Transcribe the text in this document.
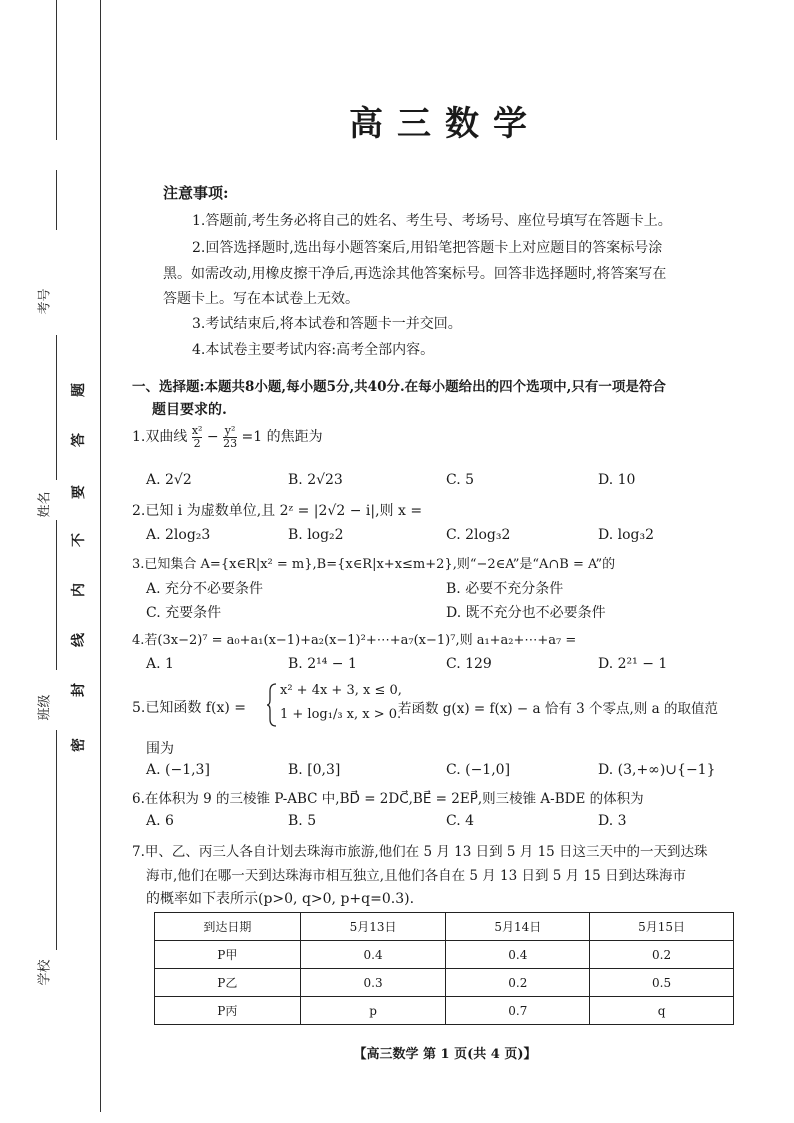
考号
姓名
班级
学校
题
答
要
不
内
线
封
密
高三数学
注意事项:
1.答题前,考生务必将自己的姓名、考生号、考场号、座位号填写在答题卡上。
2.回答选择题时,选出每小题答案后,用铅笔把答题卡上对应题目的答案标号涂
黑。如需改动,用橡皮擦干净后,再选涂其他答案标号。回答非选择题时,将答案写在
答题卡上。写在本试卷上无效。
3.考试结束后,将本试卷和答题卡一并交回。
4.本试卷主要考试内容:高考全部内容。
一、选择题:本题共8小题,每小题5分,共40分.在每小题给出的四个选项中,只有一项是符合
题目要求的.
1.双曲线 $\frac{\text{x²}}{2} - \frac{\text{y²}}{23} =1$ 的焦距为
A. 2√2	B. 2√23	C. 5	D. 10
2.已知 i 为虚数单位,且 2ᶻ = |2√2 − i|,则 x =
A. 2log₂3	B. log₂2	C. 2log₃2	D. log₃2
3.已知集合 A={x∈R|x² = m},B={x∈R|x+x≤m+2},则“−2∈A”是“A∩B = A”的
A. 充分不必要条件	B. 必要不充分条件
C. 充要条件	D. 既不充分也不必要条件
4.若(3x−2)⁷ = a₀+a₁(x−1)+a₂(x−1)²+⋯+a₇(x−1)⁷,则 a₁+a₂+⋯+a₇ =
A. 1	B. 2¹⁴ − 1	C. 129	D. 2²¹ − 1
5.已知函数 f(x) =
x² + 4x + 3, x ≤ 0,
1 + log₁/₃ x, x > 0.
若函数 g(x) = f(x) − a 恰有 3 个零点,则 a 的取值范
围为
A. (−1,3]	B. [0,3]	C. (−1,0]	D. (3,+∞)∪{−1}
6.在体积为 9 的三棱锥 P-ABC 中,BD⃗ = 2DC⃗,BE⃗ = 2EP⃗,则三棱锥 A-BDE 的体积为
A. 6	B. 5	C. 4	D. 3
7.甲、乙、丙三人各自计划去珠海市旅游,他们在 5 月 13 日到 5 月 15 日这三天中的一天到达珠
海市,他们在哪一天到达珠海市相互独立,且他们各自在 5 月 13 日到 5 月 15 日到达珠海市
的概率如下表所示(p>0, q>0, p+q=0.3).
到达日期	5月13日	5月14日	5月15日
P甲	0.4	0.4	0.2
P乙	0.3	0.2	0.5
P丙	p	0.7	q
【高三数学 第 1 页(共 4 页)】
